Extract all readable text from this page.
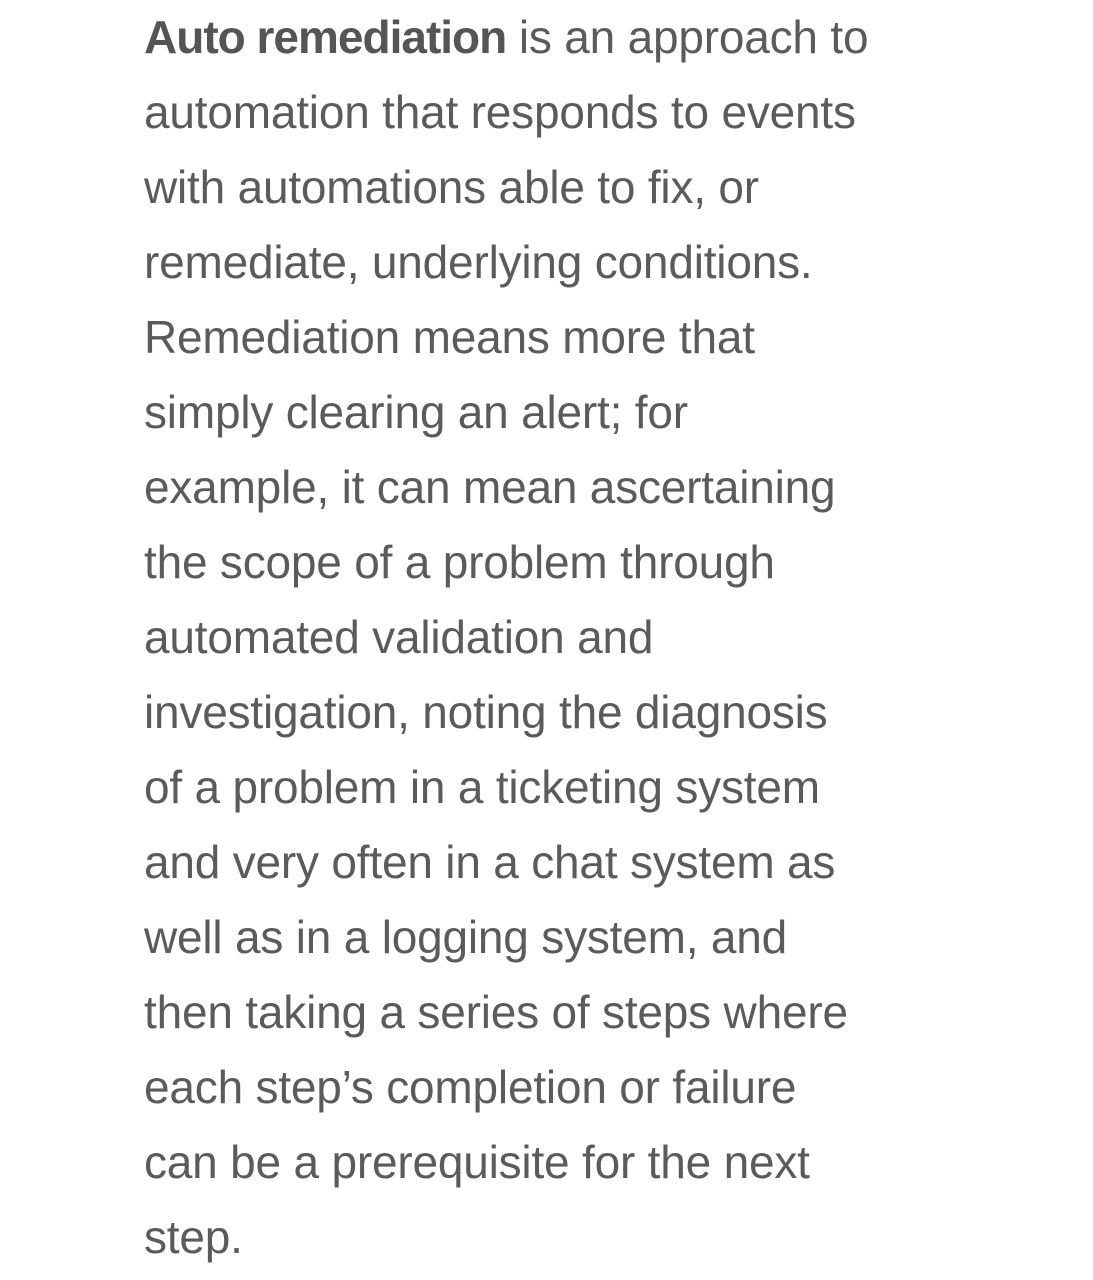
Auto remediation is an approach to
automation that responds to events
with automations able to fix, or
remediate, underlying conditions.
Remediation means more that
simply clearing an alert; for
example, it can mean ascertaining
the scope of a problem through
automated validation and
investigation, noting the diagnosis
of a problem in a ticketing system
and very often in a chat system as
well as in a logging system, and
then taking a series of steps where
each step’s completion or failure
can be a prerequisite for the next
step.
